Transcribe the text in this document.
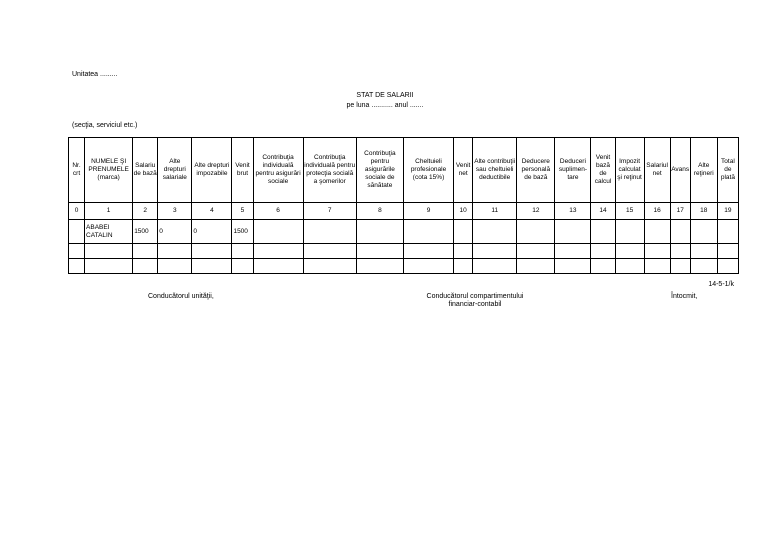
Unitatea .........
STAT DE SALARII
pe luna ........... anul .......
(secţia, serviciul etc.)
Nr. crt	NUMELE ŞI PRENUMELE (marca)	Salariu de bază	Alte drepturi salariale	Alte drepturi impozabile	Venit brut	Contribuţia individuală pentru asigurări sociale	Contribuţia individuală pentru protecţia socială a şomerilor	Contribuţia pentru asigurările sociale de sănătate	Cheltuieli profesionale (cota 15%)	Venit net	Alte contribuţii sau cheltuieli deductibile	Deducere personală de bază	Deduceri suplimen-tare	Venit bază de calcul	Impozit calculat şi reţinut	Salariul net	Avans	Alte reţineri	Total de plată
0	1	2	3	4	5	6	7	8	9	10	11	12	13	14	15	16	17	18	19
	ABABEI CATALIN	1500	0	0	1500														

14-5-1/k
Conducătorul unităţii,	Conducătorul compartimentului financiar-contabil
Întocmit,
